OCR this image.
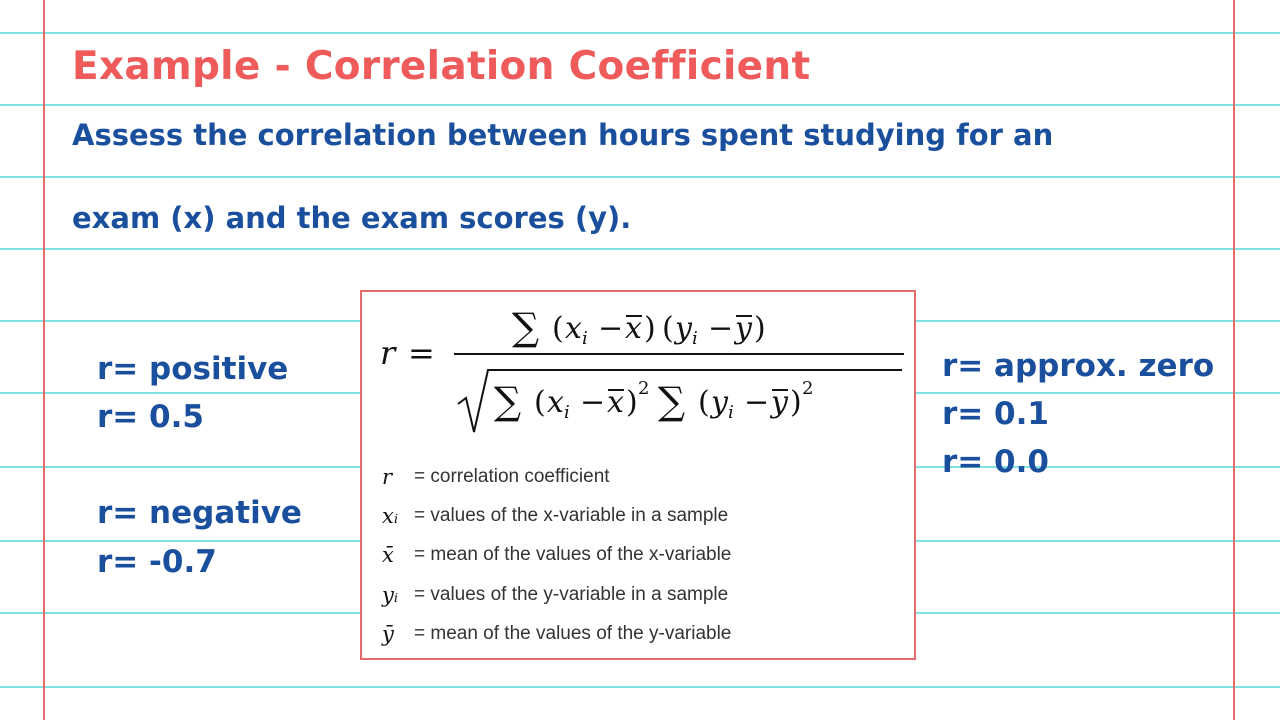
Example - Correlation Coefficient
Assess the correlation between hours spent studying for an
exam (x) and the exam scores (y).
r= positive
r= 0.5
r= negative
r= -0.7
r= approx. zero
r= 0.1
r= 0.0
r =
∑ ( x i − x ) ( y i − y )
∑ ( x i − x ) 2 ∑ ( y i − y ) 2
r	= correlation coefficient
xᵢ = values of the x-variable in a sample
x̄	= mean of the values of the x-variable
yᵢ = values of the y-variable in a sample
ȳ	= mean of the values of the y-variable
